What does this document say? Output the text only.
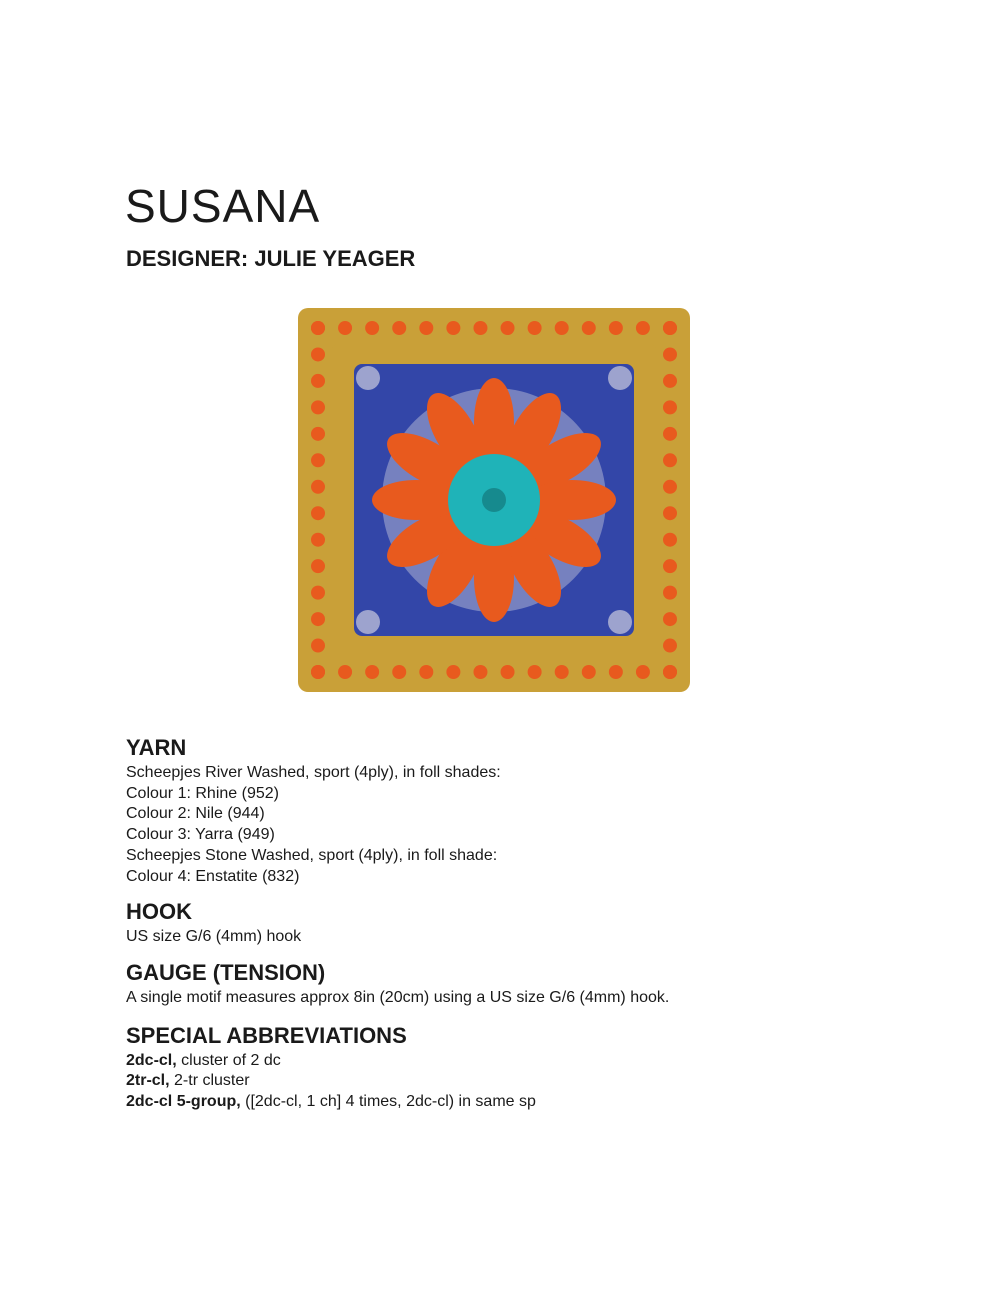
SUSANA
DESIGNER: JULIE YEAGER
YARN
Scheepjes River Washed, sport (4ply), in foll shades:
Colour 1: Rhine (952)
Colour 2: Nile (944)
Colour 3: Yarra (949)
Scheepjes Stone Washed, sport (4ply), in foll shade:
Colour 4: Enstatite (832)
HOOK
US size G/6 (4mm) hook
GAUGE (TENSION)
A single motif measures approx 8in (20cm) using a US size G/6 (4mm) hook.
SPECIAL ABBREVIATIONS
2dc-cl, cluster of 2 dc
2tr-cl, 2-tr cluster
2dc-cl 5-group, ([2dc-cl, 1 ch] 4 times, 2dc-cl) in same sp
